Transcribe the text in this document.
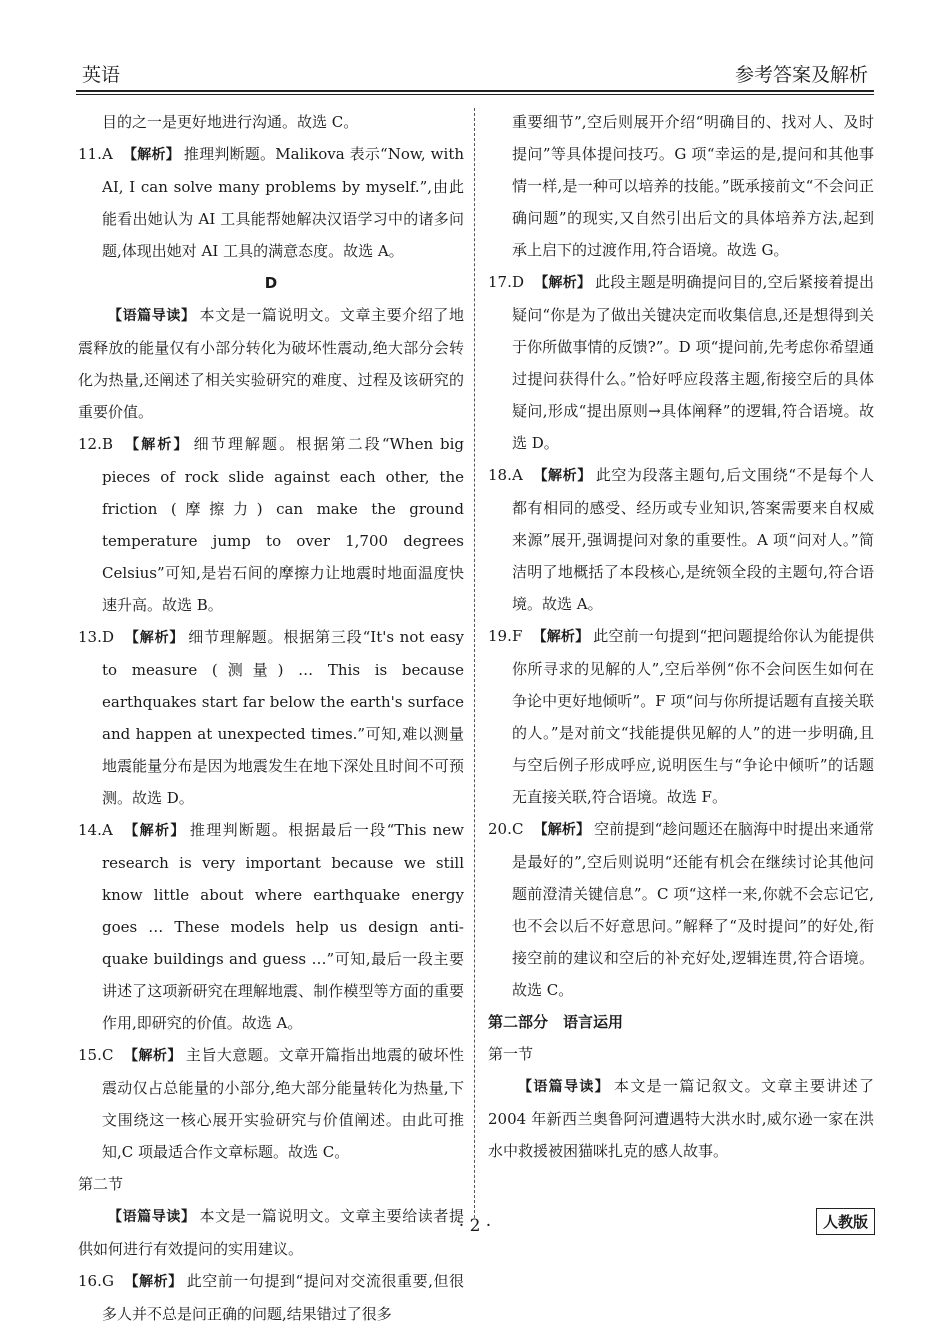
英语	参考答案及解析

目的之一是更好地进行沟通。故选 C。

11.A 【解析】 推理判断题。Malikova 表示“Now, with AI, I can solve many problems by myself.”,由此能看出她认为 AI 工具能帮她解决汉语学习中的诸多问题,体现出她对 AI 工具的满意态度。故选 A。

D

【语篇导读】 本文是一篇说明文。文章主要介绍了地震释放的能量仅有小部分转化为破坏性震动,绝大部分会转化为热量,还阐述了相关实验研究的难度、过程及该研究的重要价值。

12.B 【解析】 细节理解题。根据第二段“When big pieces of rock slide against each other, the friction (摩擦力) can make the ground temperature jump to over 1,700 degrees Celsius”可知,是岩石间的摩擦力让地震时地面温度快速升高。故选 B。

13.D 【解析】 细节理解题。根据第三段“It's not easy to measure (测量) … This is because earthquakes start far below the earth's surface and happen at unexpected times.”可知,难以测量地震能量分布是因为地震发生在地下深处且时间不可预测。故选 D。

14.A 【解析】 推理判断题。根据最后一段“This new research is very important because we still know little about where earthquake energy goes … These models help us design anti-quake buildings and guess …”可知,最后一段主要讲述了这项新研究在理解地震、制作模型等方面的重要作用,即研究的价值。故选 A。

15.C 【解析】 主旨大意题。文章开篇指出地震的破坏性震动仅占总能量的小部分,绝大部分能量转化为热量,下文围绕这一核心展开实验研究与价值阐述。由此可推知,C 项最适合作文章标题。故选 C。

第二节

【语篇导读】 本文是一篇说明文。文章主要给读者提供如何进行有效提问的实用建议。

16.G 【解析】 此空前一句提到“提问对交流很重要,但很多人并不总是问正确的问题,结果错过了很多

重要细节”,空后则展开介绍“明确目的、找对人、及时提问”等具体提问技巧。G 项“幸运的是,提问和其他事情一样,是一种可以培养的技能。”既承接前文“不会问正确问题”的现实,又自然引出后文的具体培养方法,起到承上启下的过渡作用,符合语境。故选 G。

17.D 【解析】 此段主题是明确提问目的,空后紧接着提出疑问“你是为了做出关键决定而收集信息,还是想得到关于你所做事情的反馈?”。D 项“提问前,先考虑你希望通过提问获得什么。”恰好呼应段落主题,衔接空后的具体疑问,形成“提出原则→具体阐释”的逻辑,符合语境。故选 D。

18.A 【解析】 此空为段落主题句,后文围绕“不是每个人都有相同的感受、经历或专业知识,答案需要来自权威来源”展开,强调提问对象的重要性。A 项“问对人。”简洁明了地概括了本段核心,是统领全段的主题句,符合语境。故选 A。

19.F 【解析】 此空前一句提到“把问题提给你认为能提供你所寻求的见解的人”,空后举例“你不会问医生如何在争论中更好地倾听”。F 项“问与你所提话题有直接关联的人。”是对前文“找能提供见解的人”的进一步明确,且与空后例子形成呼应,说明医生与“争论中倾听”的话题无直接关联,符合语境。故选 F。

20.C 【解析】 空前提到“趁问题还在脑海中时提出来通常是最好的”,空后则说明“还能有机会在继续讨论其他问题前澄清关键信息”。C 项“这样一来,你就不会忘记它,也不会以后不好意思问。”解释了“及时提问”的好处,衔接空前的建议和空后的补充好处,逻辑连贯,符合语境。故选 C。

第二部分　语言运用

第一节

【语篇导读】 本文是一篇记叙文。文章主要讲述了 2004 年新西兰奥鲁阿河遭遇特大洪水时,威尔逊一家在洪水中救援被困猫咪扎克的感人故事。

· 2 ·	人教版
